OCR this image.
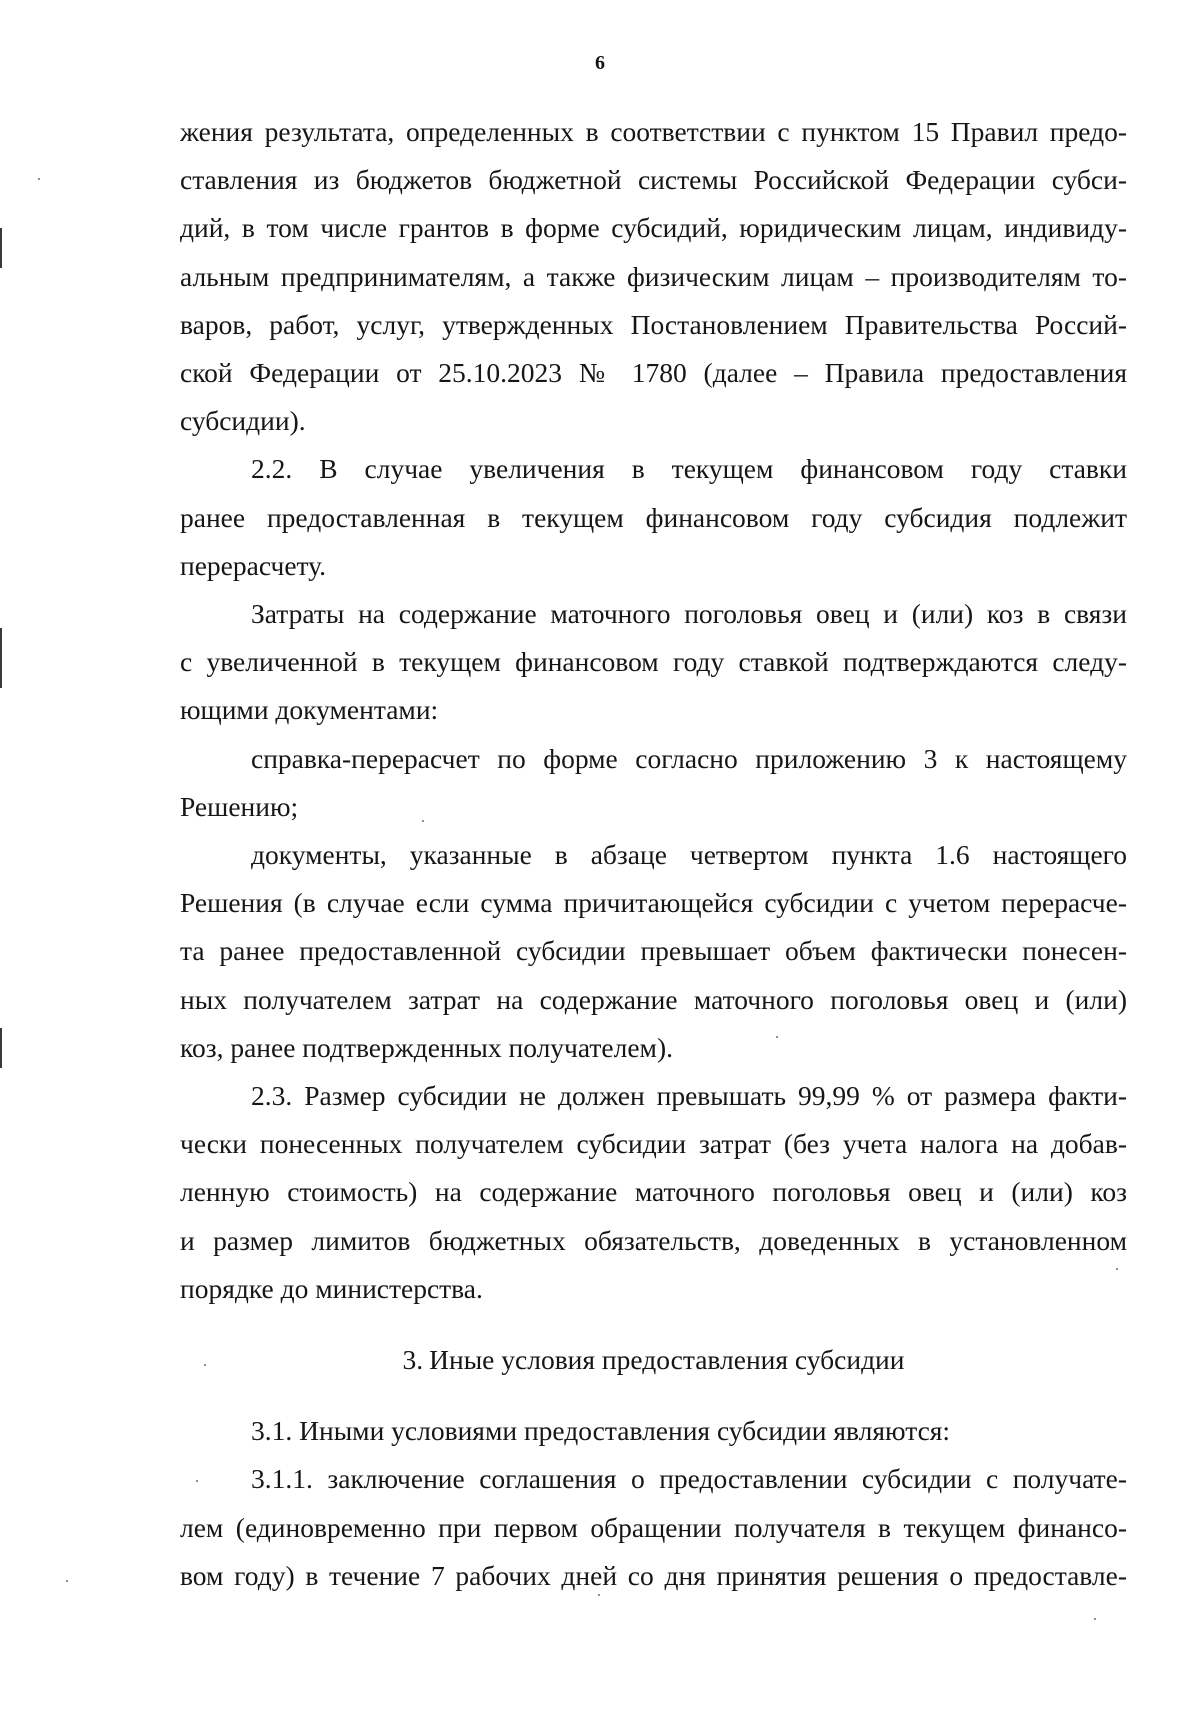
6

жения результата, определенных в соответствии с пунктом 15 Правил предо-

ставления из бюджетов бюджетной системы Российской Федерации субси-

дий, в том числе грантов в форме субсидий, юридическим лицам, индивиду-

альным предпринимателям, а также физическим лицам – производителям то-

варов, работ, услуг, утвержденных Постановлением Правительства Россий-

ской Федерации от 25.10.2023 № 1780 (далее – Правила предоставления

субсидии).

2.2. В случае увеличения в текущем финансовом году ставки

ранее предоставленная в текущем финансовом году субсидия подлежит

перерасчету.

Затраты на содержание маточного поголовья овец и (или) коз в связи

с увеличенной в текущем финансовом году ставкой подтверждаются следу-

ющими документами:

справка-перерасчет по форме согласно приложению 3 к настоящему

Решению;

документы, указанные в абзаце четвертом пункта 1.6 настоящего

Решения (в случае если сумма причитающейся субсидии с учетом перерасче-

та ранее предоставленной субсидии превышает объем фактически понесен-

ных получателем затрат на содержание маточного поголовья овец и (или)

коз, ранее подтвержденных получателем).

2.3. Размер субсидии не должен превышать 99,99 % от размера факти-

чески понесенных получателем субсидии затрат (без учета налога на добав-

ленную стоимость) на содержание маточного поголовья овец и (или) коз

и размер лимитов бюджетных обязательств, доведенных в установленном

порядке до министерства.

3. Иные условия предоставления субсидии

3.1. Иными условиями предоставления субсидии являются:

3.1.1. заключение соглашения о предоставлении субсидии с получате-

лем (единовременно при первом обращении получателя в текущем финансо-

вом году) в течение 7 рабочих дней со дня принятия решения о предоставле-
